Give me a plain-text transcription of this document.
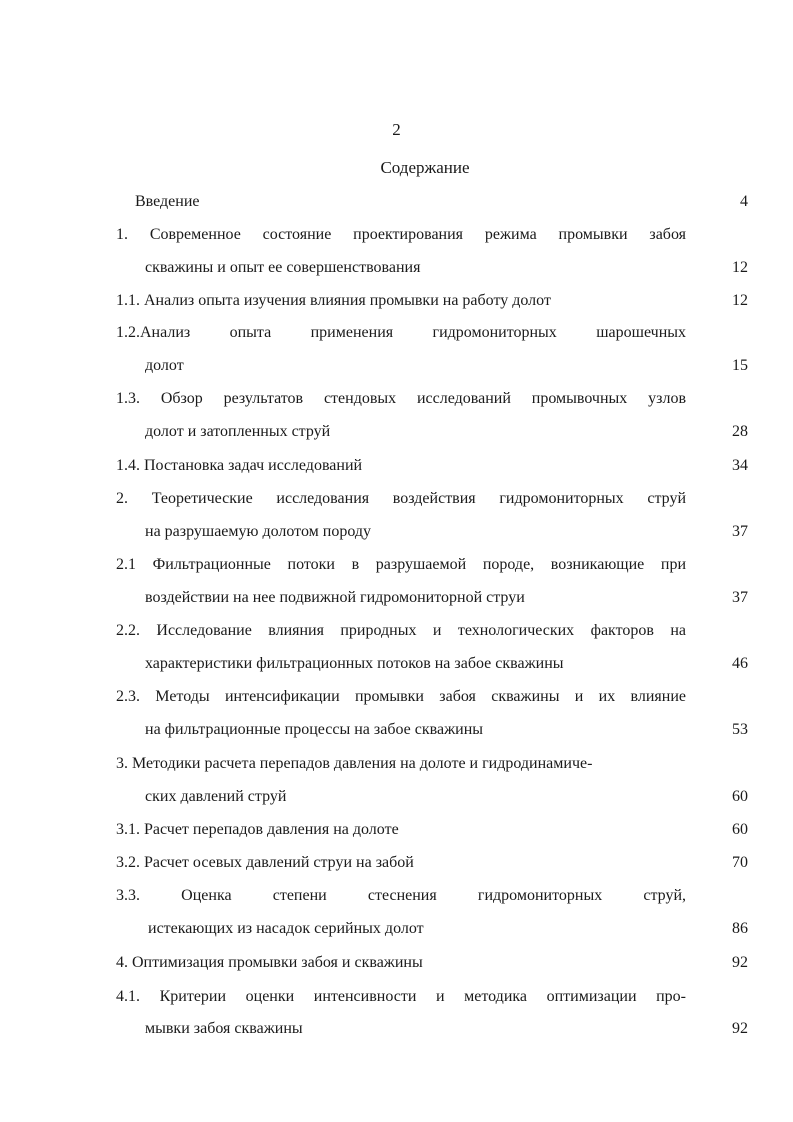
2
Содержание
Введение	4
1. Современное состояние проектирования режима промывки забоя
скважины и опыт ее совершенствования	12
1.1. Анализ опыта изучения влияния промывки на работу долот	12
1.2.Анализ опыта применения гидромониторных шарошечных
долот	15
1.3. Обзор результатов стендовых исследований промывочных узлов
долот и затопленных струй	28
1.4. Постановка задач исследований	34
2. Теоретические исследования воздействия гидромониторных струй
на разрушаемую долотом породу	37
2.1 Фильтрационные потоки в разрушаемой породе, возникающие при
воздействии на нее подвижной гидромониторной струи	37
2.2. Исследование влияния природных и технологических факторов на
характеристики фильтрационных потоков на забое скважины	46
2.3. Методы интенсификации промывки забоя скважины и их влияние
на фильтрационные процессы на забое скважины	53
3. Методики расчета перепадов давления на долоте и гидродинамиче-
ских давлений струй	60
3.1. Расчет перепадов давления на долоте	60
3.2. Расчет осевых давлений струи на забой	70
3.3. Оценка степени стеснения гидромониторных струй,
истекающих из насадок серийных долот	86
4. Оптимизация промывки забоя и скважины	92
4.1. Критерии оценки интенсивности и методика оптимизации про-
мывки забоя скважины	92
